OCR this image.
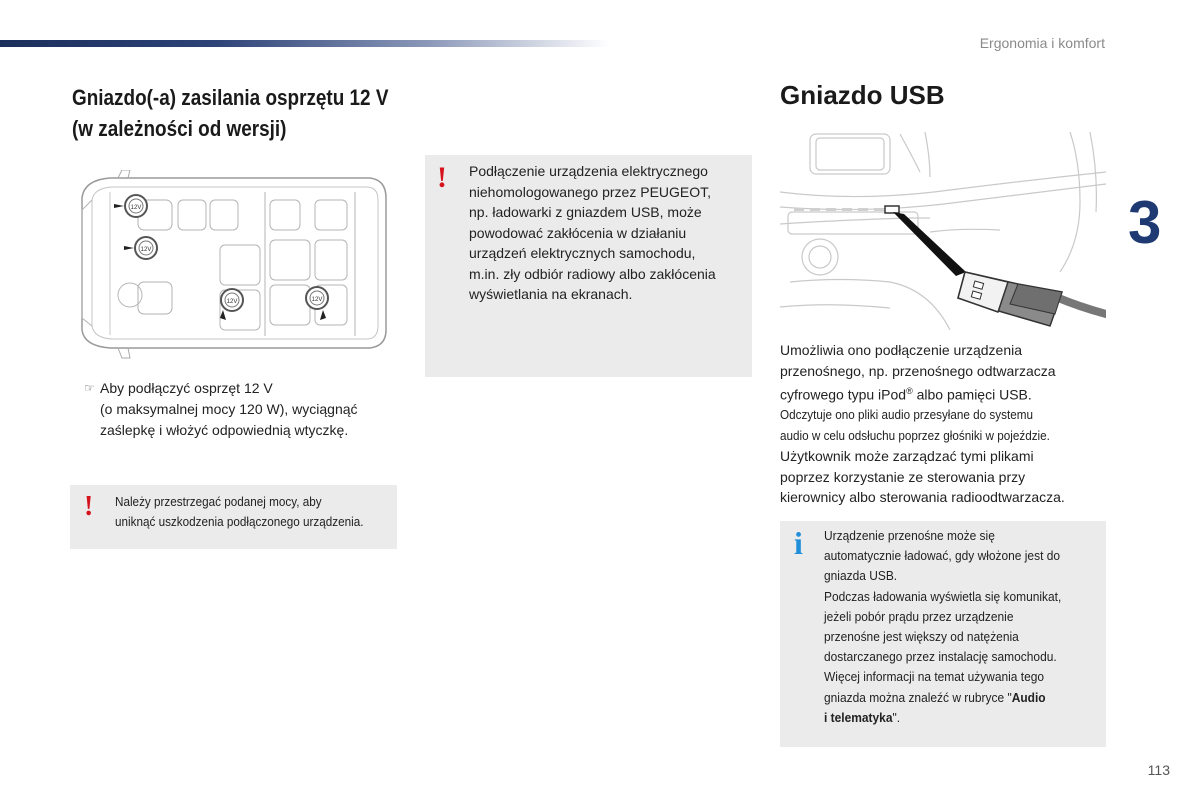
Ergonomia i komfort
3
113
Gniazdo(-a) zasilania osprzętu 12 V
(w zależności od wersji)
12V
12V
12V	12V
☞ Aby podłączyć osprzęt 12 V
(o maksymalnej mocy 120 W), wyciągnąć
zaślepkę i włożyć odpowiednią wtyczkę.
! Należy przestrzegać podanej mocy, aby
uniknąć uszkodzenia podłączonego urządzenia.
! Podłączenie urządzenia elektrycznego
niehomologowanego przez PEUGEOT,
np. ładowarki z gniazdem USB, może
powodować zakłócenia w działaniu
urządzeń elektrycznych samochodu,
m.in. zły odbiór radiowy albo zakłócenia
wyświetlania na ekranach.
Gniazdo USB
Umożliwia ono podłączenie urządzenia
przenośnego, np. przenośnego odtwarzacza
cyfrowego typu iPod® albo pamięci USB.
Odczytuje ono pliki audio przesyłane do systemu
audio w celu odsłuchu poprzez głośniki w pojeździe.
Użytkownik może zarządzać tymi plikami
poprzez korzystanie ze sterowania przy
kierownicy albo sterowania radioodtwarzacza.
i Urządzenie przenośne może się
automatycznie ładować, gdy włożone jest do
gniazda USB.
Podczas ładowania wyświetla się komunikat,
jeżeli pobór prądu przez urządzenie
przenośne jest większy od natężenia
dostarczanego przez instalację samochodu.
Więcej informacji na temat używania tego
gniazda można znaleźć w rubryce "Audio
i telematyka".
